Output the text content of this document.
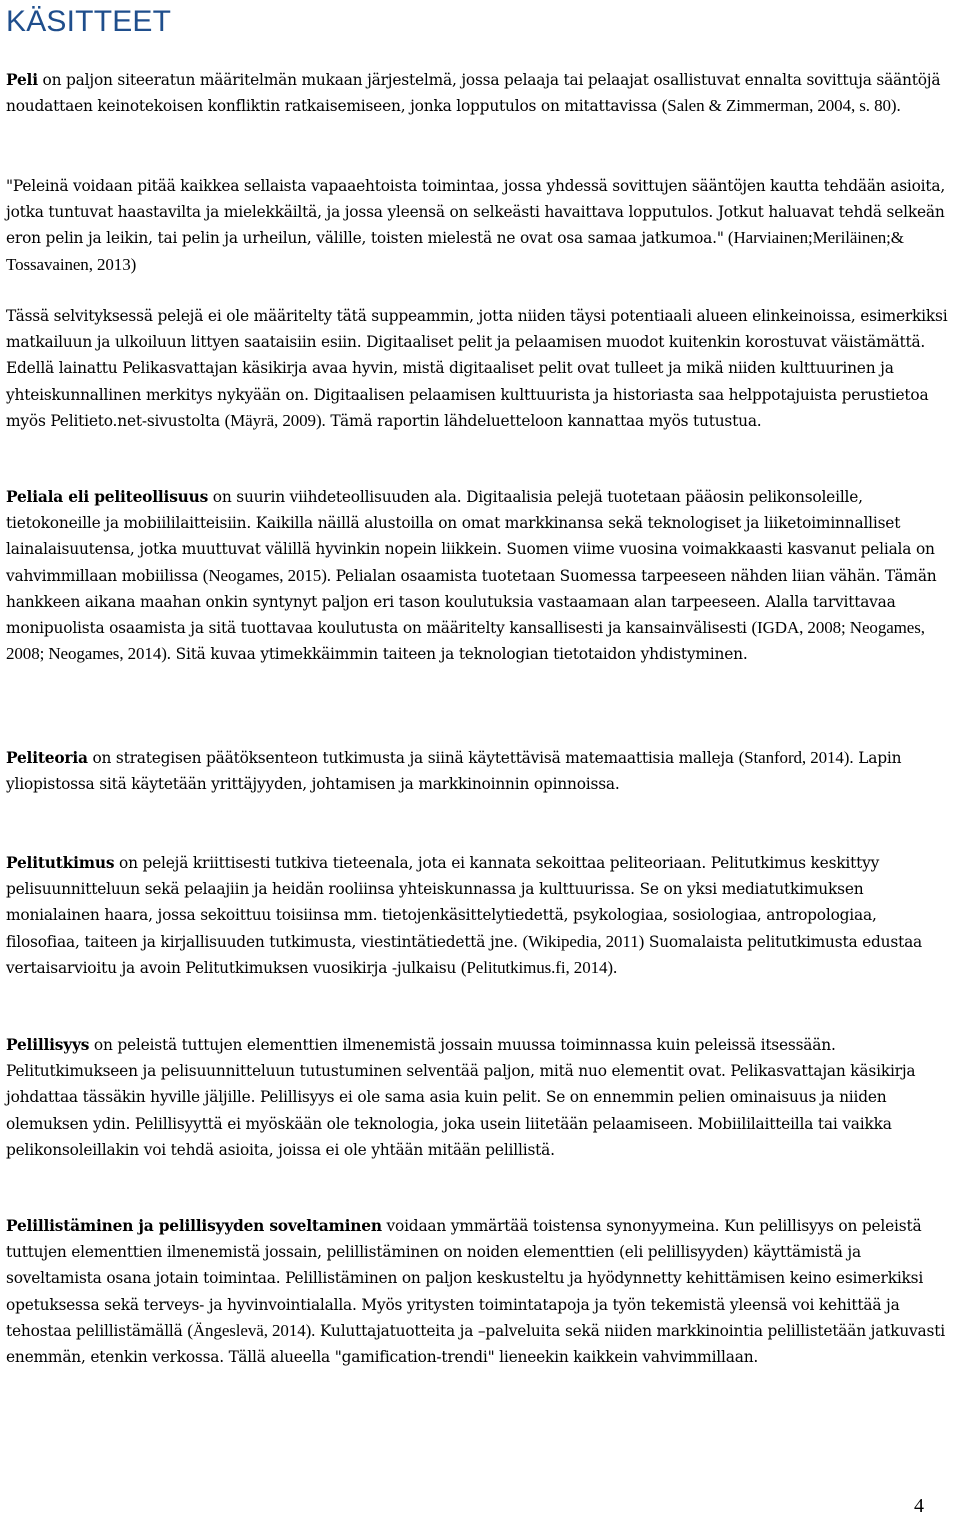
KÄSITTEET

Peli on paljon siteeratun määritelmän mukaan järjestelmä, jossa pelaaja tai pelaajat osallistuvat ennalta sovittuja sääntöjä noudattaen keinotekoisen konfliktin ratkaisemiseen, jonka lopputulos on mitattavissa (Salen & Zimmerman, 2004, s. 80).

"Peleinä voidaan pitää kaikkea sellaista vapaaehtoista toimintaa, jossa yhdessä sovittujen sääntöjen kautta tehdään asioita, jotka tuntuvat haastavilta ja mielekkäiltä, ja jossa yleensä on selkeästi havaittava lopputulos. Jotkut haluavat tehdä selkeän eron pelin ja leikin, tai pelin ja urheilun, välille, toisten mielestä ne ovat osa samaa jatkumoa." (Harviainen;Meriläinen;& Tossavainen, 2013)

Tässä selvityksessä pelejä ei ole määritelty tätä suppeammin, jotta niiden täysi potentiaali alueen elinkeinoissa, esimerkiksi matkailuun ja ulkoiluun littyen saataisiin esiin. Digitaaliset pelit ja pelaamisen muodot kuitenkin korostuvat väistämättä. Edellä lainattu Pelikasvattajan käsikirja avaa hyvin, mistä digitaaliset pelit ovat tulleet ja mikä niiden kulttuurinen ja yhteiskunnallinen merkitys nykyään on. Digitaalisen pelaamisen kulttuurista ja historiasta saa helppotajuista perustietoa myös Pelitieto.net-sivustolta (Mäyrä, 2009). Tämä raportin lähdeluetteloon kannattaa myös tutustua.

Peliala eli peliteollisuus on suurin viihdeteollisuuden ala. Digitaalisia pelejä tuotetaan pääosin pelikonsoleille, tietokoneille ja mobiililaitteisiin. Kaikilla näillä alustoilla on omat markkinansa sekä teknologiset ja liiketoiminnalliset lainalaisuutensa, jotka muuttuvat välillä hyvinkin nopein liikkein. Suomen viime vuosina voimakkaasti kasvanut peliala on vahvimmillaan mobiilissa (Neogames, 2015). Pelialan osaamista tuotetaan Suomessa tarpeeseen nähden liian vähän. Tämän hankkeen aikana maahan onkin syntynyt paljon eri tason koulutuksia vastaamaan alan tarpeeseen. Alalla tarvittavaa monipuolista osaamista ja sitä tuottavaa koulutusta on määritelty kansallisesti ja kansainvälisesti (IGDA, 2008; Neogames, 2008; Neogames, 2014). Sitä kuvaa ytimekkäimmin taiteen ja teknologian tietotaidon yhdistyminen.

Peliteoria on strategisen päätöksenteon tutkimusta ja siinä käytettävisä matemaattisia malleja (Stanford, 2014). Lapin yliopistossa sitä käytetään yrittäjyyden, johtamisen ja markkinoinnin opinnoissa.

Pelitutkimus on pelejä kriittisesti tutkiva tieteenala, jota ei kannata sekoittaa peliteoriaan. Pelitutkimus keskittyy pelisuunnitteluun sekä pelaajiin ja heidän rooliinsa yhteiskunnassa ja kulttuurissa. Se on yksi mediatutkimuksen monialainen haara, jossa sekoittuu toisiinsa mm. tietojenkäsittelytiedettä, psykologiaa, sosiologiaa, antropologiaa, filosofiaa, taiteen ja kirjallisuuden tutkimusta, viestintätiedettä jne. (Wikipedia, 2011) Suomalaista pelitutkimusta edustaa vertaisarvioitu ja avoin Pelitutkimuksen vuosikirja -julkaisu (Pelitutkimus.fi, 2014).

Pelillisyys on peleistä tuttujen elementtien ilmenemistä jossain muussa toiminnassa kuin peleissä itsessään. Pelitutkimukseen ja pelisuunnitteluun tutustuminen selventää paljon, mitä nuo elementit ovat. Pelikasvattajan käsikirja johdattaa tässäkin hyville jäljille. Pelillisyys ei ole sama asia kuin pelit. Se on ennemmin pelien ominaisuus ja niiden olemuksen ydin. Pelillisyyttä ei myöskään ole teknologia, joka usein liitetään pelaamiseen. Mobiililaitteilla tai vaikka pelikonsoleillakin voi tehdä asioita, joissa ei ole yhtään mitään pelillistä.

Pelillistäminen ja pelillisyyden soveltaminen voidaan ymmärtää toistensa synonyymeina. Kun pelillisyys on peleistä tuttujen elementtien ilmenemistä jossain, pelillistäminen on noiden elementtien (eli pelillisyyden) käyttämistä ja soveltamista osana jotain toimintaa. Pelillistäminen on paljon keskusteltu ja hyödynnetty kehittämisen keino esimerkiksi opetuksessa sekä terveys- ja hyvinvointialalla. Myös yritysten toimintatapoja ja työn tekemistä yleensä voi kehittää ja tehostaa pelillistämällä (Ängeslevä, 2014). Kuluttajatuotteita ja –palveluita sekä niiden markkinointia pelillistetään jatkuvasti enemmän, etenkin verkossa. Tällä alueella "gamification-trendi" lieneekin kaikkein vahvimmillaan.

4
